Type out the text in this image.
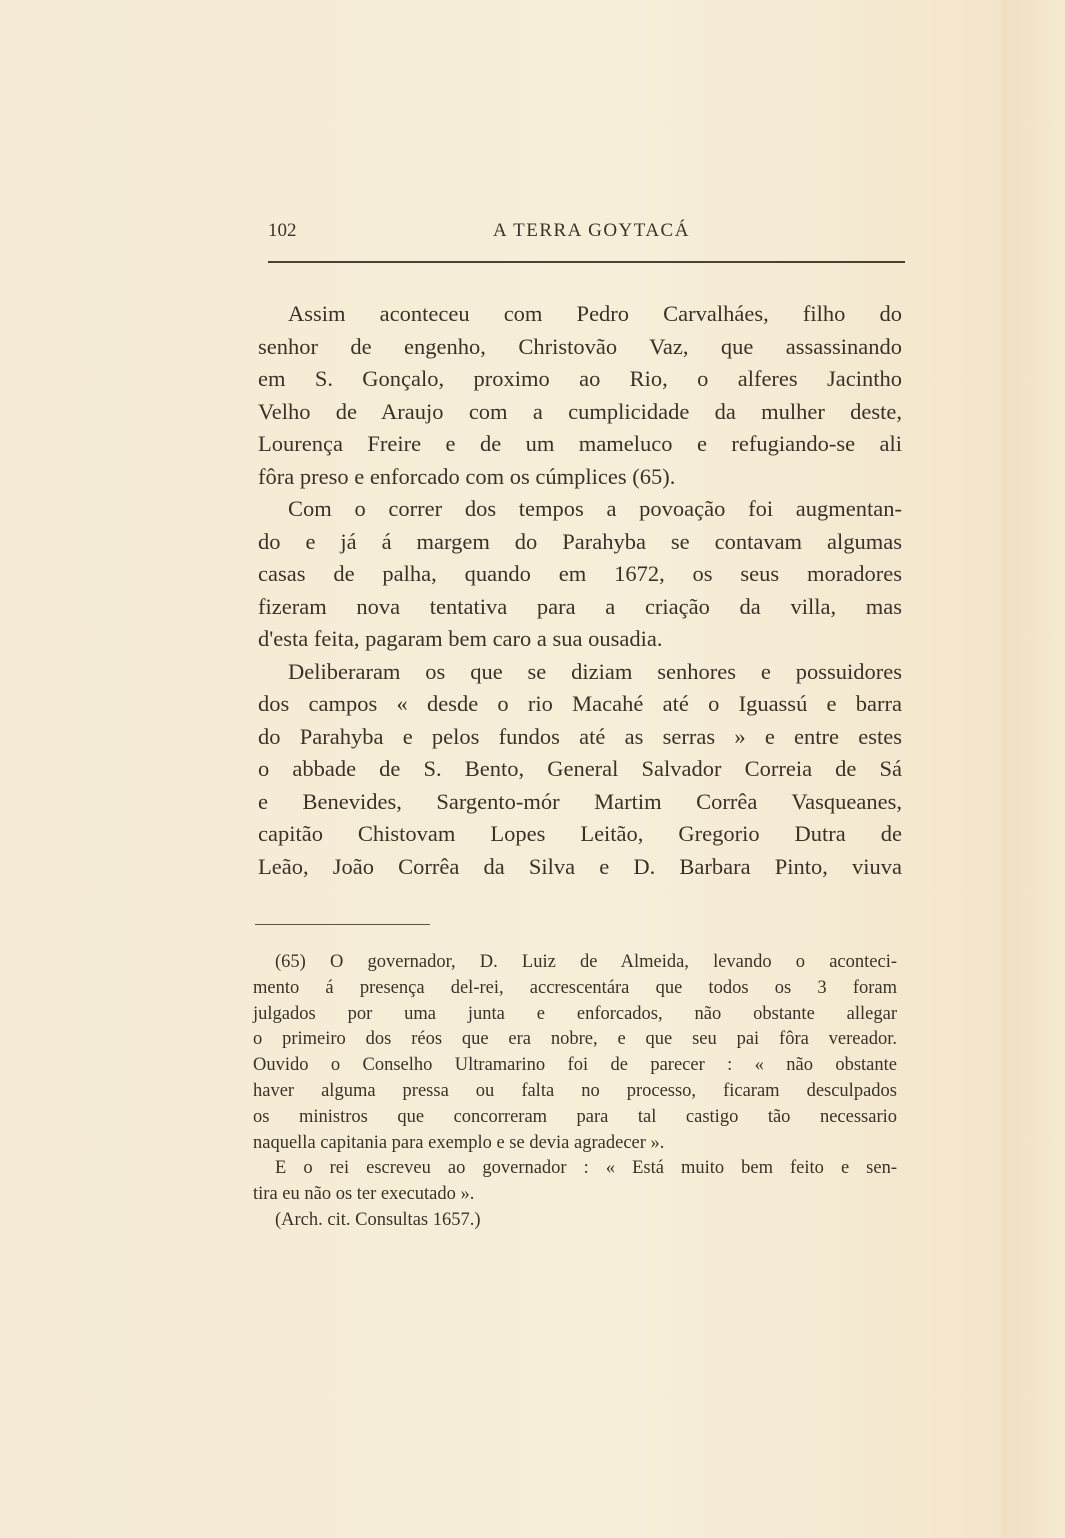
102	A TERRA GOYTACÁ
Assim aconteceu com Pedro Carvalháes, filho do
senhor de engenho, Christovão Vaz, que assassinando
em S. Gonçalo, proximo ao Rio, o alferes Jacintho
Velho de Araujo com a cumplicidade da mulher deste,
Lourença Freire e de um mameluco e refugiando-se ali
fôra preso e enforcado com os cúmplices (65).
Com o correr dos tempos a povoação foi augmentan-
do e já á margem do Parahyba se contavam algumas
casas de palha, quando em 1672, os seus moradores
fizeram nova tentativa para a criação da villa, mas
d'esta feita, pagaram bem caro a sua ousadia.
Deliberaram os que se diziam senhores e possuidores
dos campos « desde o rio Macahé até o Iguassú e barra
do Parahyba e pelos fundos até as serras » e entre estes
o abbade de S. Bento, General Salvador Correia de Sá
e Benevides, Sargento-mór Martim Corrêa Vasqueanes,
capitão Chistovam Lopes Leitão, Gregorio Dutra de
Leão, João Corrêa da Silva e D. Barbara Pinto, viuva
(65) O governador, D. Luiz de Almeida, levando o aconteci-
mento á presença del-rei, accrescentára que todos os 3 foram
julgados por uma junta e enforcados, não obstante allegar
o primeiro dos réos que era nobre, e que seu pai fôra vereador.
Ouvido o Conselho Ultramarino foi de parecer : « não obstante
haver alguma pressa ou falta no processo, ficaram desculpados
os ministros que concorreram para tal castigo tão necessario
naquella capitania para exemplo e se devia agradecer ».
E o rei escreveu ao governador : « Está muito bem feito e sen-
tira eu não os ter executado ».
(Arch. cit. Consultas 1657.)
